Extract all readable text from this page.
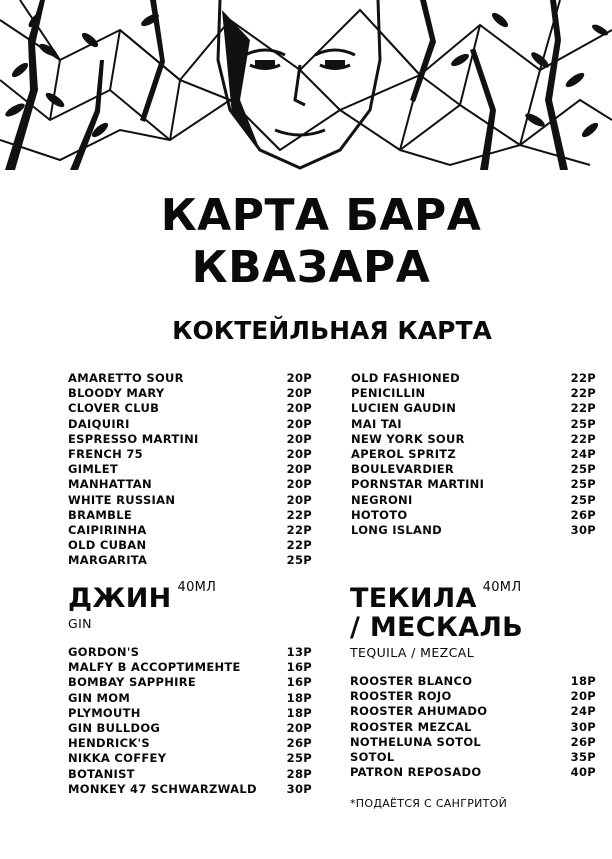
КАРТА БАРА
КВАЗАРА
КОКТЕЙЛЬНАЯ КАРТА
AMARETTO SOUR	20Р
BLOODY MARY	20Р
CLOVER CLUB	20Р
DAIQUIRI	20Р
ESPRESSO MARTINI	20Р
FRENCH 75	20Р
GIMLET	20Р
MANHATTAN	20Р
WHITE RUSSIAN	20Р
BRAMBLE	22Р
CAIPIRINHA	22Р
OLD CUBAN	22Р
MARGARITA	25Р
OLD FASHIONED	22Р
PENICILLIN	22Р
LUCIEN GAUDIN	22Р
MAI TAI	25Р
NEW YORK SOUR	22Р
APEROL SPRITZ	24Р
BOULEVARDIER	25Р
PORNSTAR MARTINI	25Р
NEGRONI	25Р
HOTOTO	26Р
LONG ISLAND	30Р
ДЖИН $^{40МЛ}$
GIN
GORDON'S	13Р
MALFY В АССОРТИМЕНТЕ	16Р
BOMBAY SAPPHIRE	16Р
GIN MOM	18Р
PLYMOUTH	18Р
GIN BULLDOG	20Р
HENDRICK'S	26Р
NIKKA COFFEY	25Р
BOTANIST	28Р
MONKEY 47 SCHWARZWALD	30Р
ТЕКИЛА $^{40МЛ}$
/ МЕСКАЛЬ
TEQUILA / MEZCAL
ROOSTER BLANCO	18Р
ROOSTER ROJO	20Р
ROOSTER AHUMADO	24Р
ROOSTER MEZCAL	30Р
NOTHELUNA SOTOL	26Р
SOTOL	35Р
PATRON REPOSADO	40Р
*ПОДАЁТСЯ С САНГРИТОЙ
